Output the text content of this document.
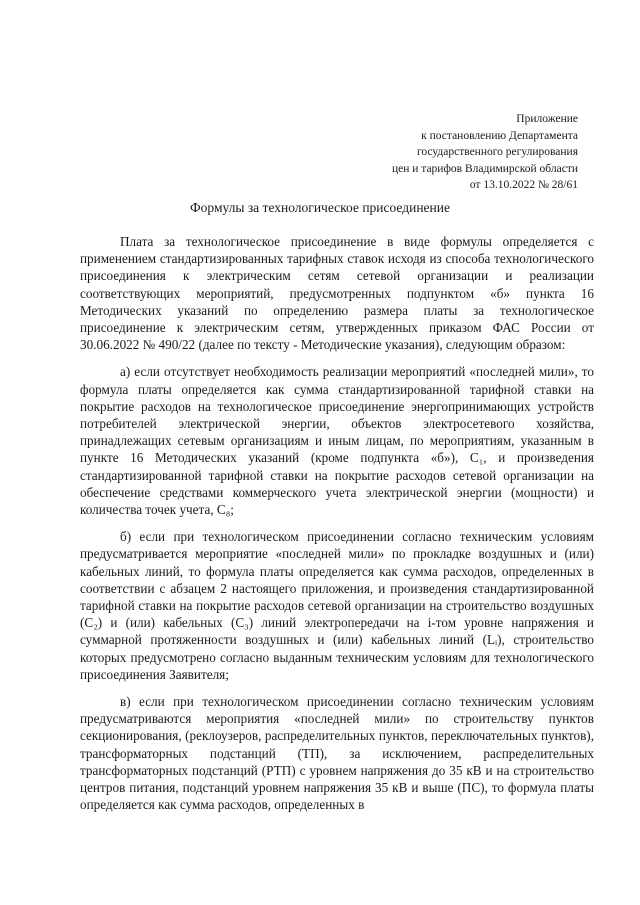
Приложение
к постановлению Департамента
государственного регулирования
цен и тарифов Владимирской области
от 13.10.2022 № 28/61
Формулы за технологическое присоединение

Плата за технологическое присоединение в виде формулы определяется с применением стандартизированных тарифных ставок исходя из способа технологического присоединения к электрическим сетям сетевой организации и реализации соответствующих мероприятий, предусмотренных подпунктом «б» пункта 16 Методических указаний по определению размера платы за технологическое присоединение к электрическим сетям, утвержденных приказом ФАС России от 30.06.2022 № 490/22 (далее по тексту - Методические указания), следующим образом:

а) если отсутствует необходимость реализации мероприятий «последней мили», то формула платы определяется как сумма стандартизированной тарифной ставки на покрытие расходов на технологическое присоединение энергопринимающих устройств потребителей электрической энергии, объектов электросетевого хозяйства, принадлежащих сетевым организациям и иным лицам, по мероприятиям, указанным в пункте 16 Методических указаний (кроме подпункта «б»), C₁, и произведения стандартизированной тарифной ставки на покрытие расходов сетевой организации на обеспечение средствами коммерческого учета электрической энергии (мощности) и количества точек учета, C₈;

б) если при технологическом присоединении согласно техническим условиям предусматривается мероприятие «последней мили» по прокладке воздушных и (или) кабельных линий, то формула платы определяется как сумма расходов, определенных в соответствии с абзацем 2 настоящего приложения, и произведения стандартизированной тарифной ставки на покрытие расходов сетевой организации на строительство воздушных (C₂) и (или) кабельных (C₃) линий электропередачи на i-том уровне напряжения и суммарной протяженности воздушных и (или) кабельных линий (Lᵢ), строительство которых предусмотрено согласно выданным техническим условиям для технологического присоединения Заявителя;

в) если при технологическом присоединении согласно техническим условиям предусматриваются мероприятия «последней мили» по строительству пунктов секционирования, (реклоузеров, распределительных пунктов, переключательных пунктов), трансформаторных подстанций (ТП), за исключением, распределительных трансформаторных подстанций (РТП) с уровнем напряжения до 35 кВ и на строительство центров питания, подстанций уровнем напряжения 35 кВ и выше (ПС), то формула платы определяется как сумма расходов, определенных в
